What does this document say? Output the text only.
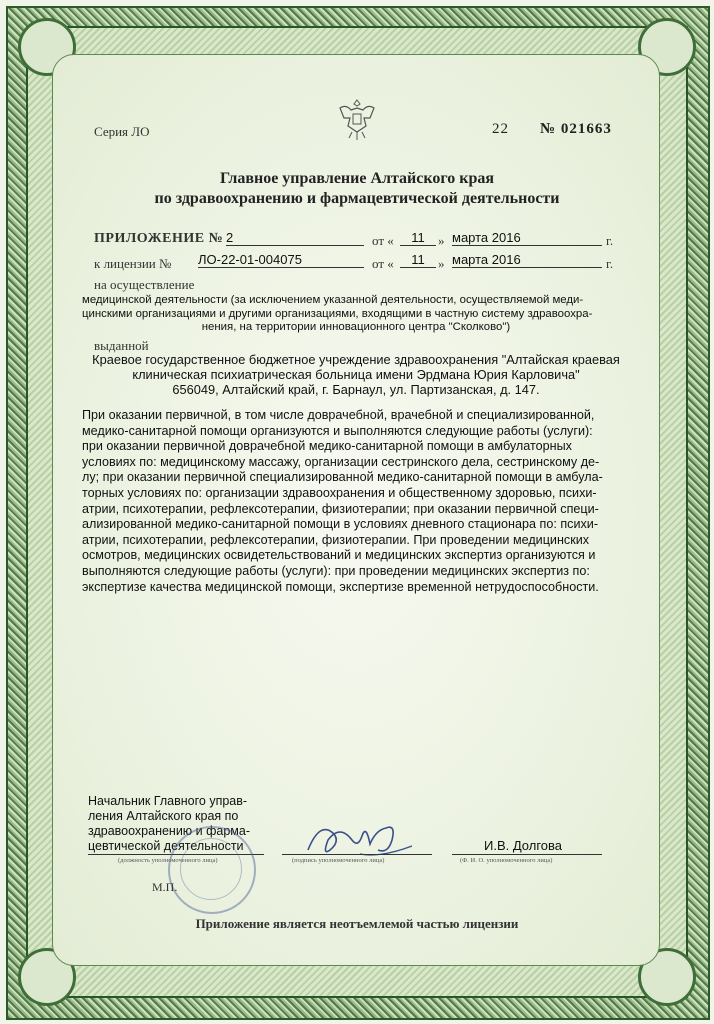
Серия ЛО	22 № 021663
Главное управление Алтайского края
по здравоохранению и фармацевтической деятельности
ПРИЛОЖЕНИЕ № 2	от «	11	» марта 2016	г.
к лицензии № ЛО-22-01-004075	от «	11	» марта 2016	г.
на осуществление
медицинской деятельности (за исключением указанной деятельности, осуществляемой меди-
цинскими организациями и другими организациями, входящими в частную систему здравоохра-
нения, на территории инновационного центра "Сколково")
выданной
Краевое государственное бюджетное учреждение здравоохранения "Алтайская краевая
клиническая психиатрическая больница имени Эрдмана Юрия Карловича"
656049, Алтайский край, г. Барнаул, ул. Партизанская, д. 147.
При оказании первичной, в том числе доврачебной, врачебной и специализированной,
медико-санитарной помощи организуются и выполняются следующие работы (услуги):
при оказании первичной доврачебной медико-санитарной помощи в амбулаторных
условиях по: медицинскому массажу, организации сестринского дела, сестринскому де-
лу; при оказании первичной специализированной медико-санитарной помощи в амбула-
торных условиях по: организации здравоохранения и общественному здоровью, психи-
атрии, психотерапии, рефлексотерапии, физиотерапии; при оказании первичной специ-
ализированной медико-санитарной помощи в условиях дневного стационара по: психи-
атрии, психотерапии, рефлексотерапии, физиотерапии. При проведении медицинских
осмотров, медицинских освидетельствований и медицинских экспертиз организуются и
выполняются следующие работы (услуги): при проведении медицинских экспертиз по:
экспертизе качества медицинской помощи, экспертизе временной нетрудоспособности.
Начальник Главного управ-
ления Алтайского края по
здравоохранению и фарма-
цевтической деятельности
(должность уполномоченного лица)	(подпись уполномоченного лица)
И.В. Долгова
(Ф. И. О. уполномоченного лица)
М.П.
Приложение является неотъемлемой частью лицензии
